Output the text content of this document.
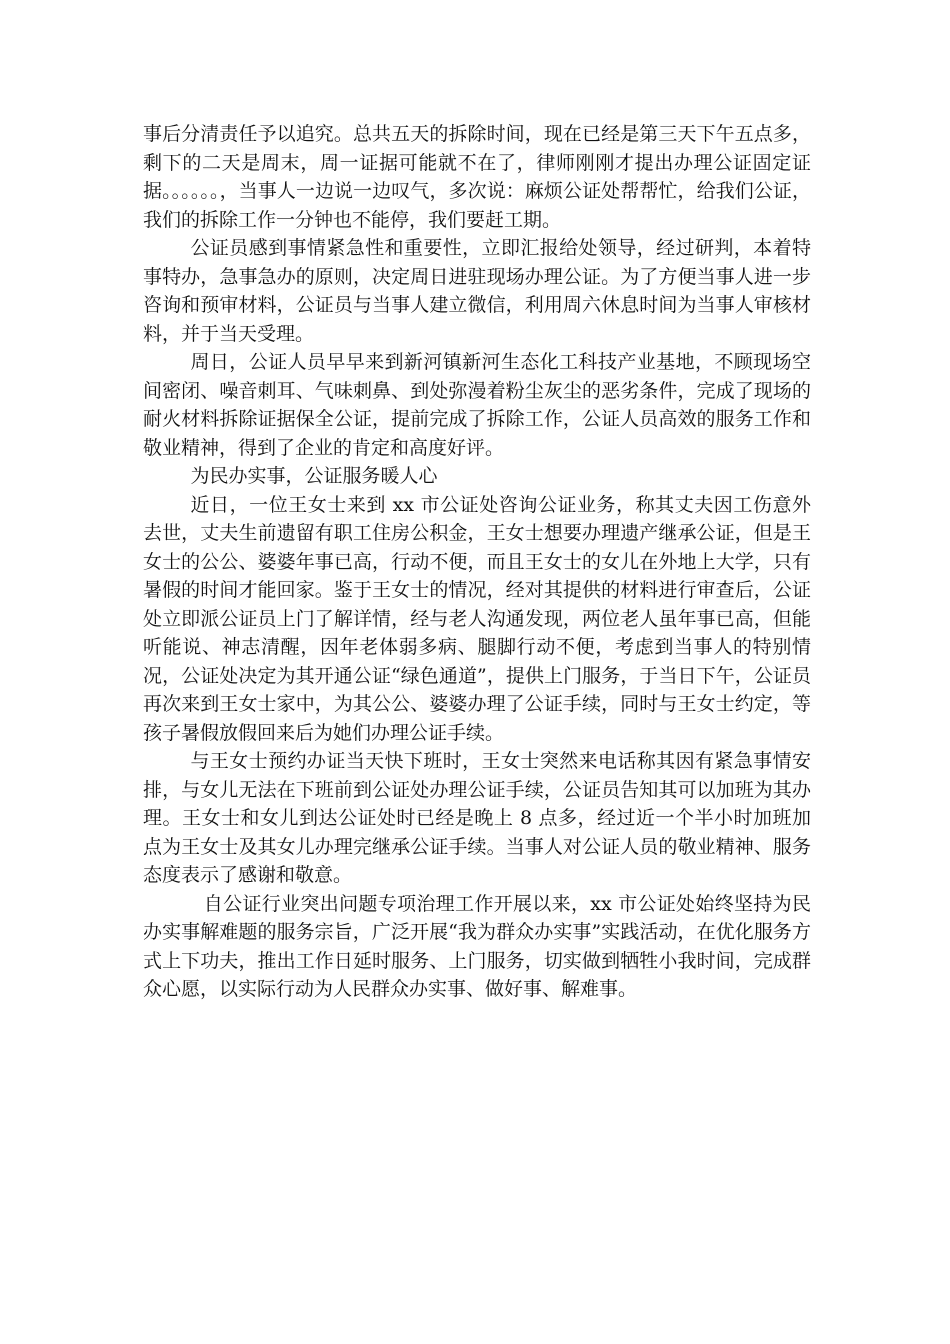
事后分清责任予以追究。总共五天的拆除时间，现在已经是第三天下午五点多，剩下的二天是周末，周一证据可能就不在了，律师刚刚才提出办理公证固定证据。。。。。。，当事人一边说一边叹气，多次说：麻烦公证处帮帮忙，给我们公证，我们的拆除工作一分钟也不能停，我们要赶工期。

公证员感到事情紧急性和重要性，立即汇报给处领导，经过研判，本着特事特办，急事急办的原则，决定周日进驻现场办理公证。为了方便当事人进一步咨询和预审材料，公证员与当事人建立微信，利用周六休息时间为当事人审核材料，并于当天受理。

周日，公证人员早早来到新河镇新河生态化工科技产业基地，不顾现场空间密闭、噪音刺耳、气味刺鼻、到处弥漫着粉尘灰尘的恶劣条件，完成了现场的耐火材料拆除证据保全公证，提前完成了拆除工作，公证人员高效的服务工作和敬业精神，得到了企业的肯定和高度好评。

为民办实事，公证服务暖人心

近日，一位王女士来到 xx 市公证处咨询公证业务，称其丈夫因工伤意外去世，丈夫生前遗留有职工住房公积金，王女士想要办理遗产继承公证，但是王女士的公公、婆婆年事已高，行动不便，而且王女士的女儿在外地上大学，只有暑假的时间才能回家。鉴于王女士的情况，经对其提供的材料进行审查后，公证处立即派公证员上门了解详情，经与老人沟通发现，两位老人虽年事已高，但能听能说、神志清醒，因年老体弱多病、腿脚行动不便，考虑到当事人的特别情况，公证处决定为其开通公证“绿色通道”，提供上门服务，于当日下午，公证员再次来到王女士家中，为其公公、婆婆办理了公证手续，同时与王女士约定，等孩子暑假放假回来后为她们办理公证手续。

与王女士预约办证当天快下班时，王女士突然来电话称其因有紧急事情安排，与女儿无法在下班前到公证处办理公证手续，公证员告知其可以加班为其办理。王女士和女儿到达公证处时已经是晚上 8 点多，经过近一个半小时加班加点为王女士及其女儿办理完继承公证手续。当事人对公证人员的敬业精神、服务态度表示了感谢和敬意。

自公证行业突出问题专项治理工作开展以来，xx 市公证处始终坚持为民办实事解难题的服务宗旨，广泛开展“我为群众办实事”实践活动，在优化服务方式上下功夫，推出工作日延时服务、上门服务，切实做到牺牲小我时间，完成群众心愿，以实际行动为人民群众办实事、做好事、解难事。
